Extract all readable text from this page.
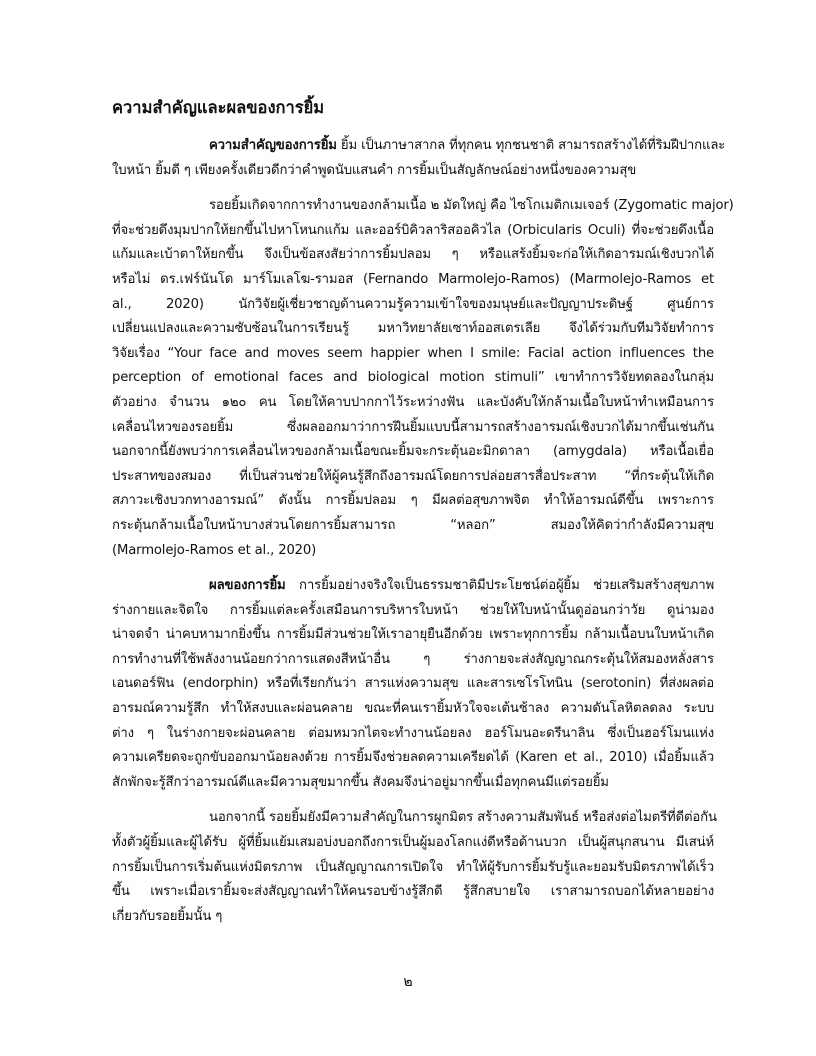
ความสำคัญและผลของการยิ้ม
ความสำคัญของการยิ้ม ยิ้ม เป็นภาษาสากล ที่ทุกคน ทุกชนชาติ สามารถสร้างได้ที่ริมฝีปากและ
ใบหน้า ยิ้มดี ๆ เพียงครั้งเดียวดีกว่าคำพูดนับแสนคำ การยิ้มเป็นสัญลักษณ์อย่างหนึ่งของความสุข
รอยยิ้มเกิดจากการทำงานของกล้ามเนื้อ ๒ มัดใหญ่ คือ ไซโกเมติกเมเจอร์ (Zygomatic major)
ที่จะช่วยดึงมุมปากให้ยกขึ้นไปหาโหนกแก้ม และออร์บิคิวลาริสออคิวไล (Orbicularis Oculi) ที่จะช่วยดึงเนื้อ
แก้มและเบ้าตาให้ยกขึ้น จึงเป็นข้อสงสัยว่าการยิ้มปลอม ๆ หรือแสร้งยิ้มจะก่อให้เกิดอารมณ์เชิงบวกได้
หรือไม่ ดร.เฟร์นันโด มาร์โมเลโฆ-รามอส (Fernando Marmolejo-Ramos) (Marmolejo-Ramos et
al., 2020) นักวิจัยผู้เชี่ยวชาญด้านความรู้ความเข้าใจของมนุษย์และปัญญาประดิษฐ์ ศูนย์การ
เปลี่ยนแปลงและความซับซ้อนในการเรียนรู้ มหาวิทยาลัยเซาท์ออสเตรเลีย จึงได้ร่วมกับทีมวิจัยทำการ
วิจัยเรื่อง “Your face and moves seem happier when I smile: Facial action influences the
perception of emotional faces and biological motion stimuli” เขาทำการวิจัยทดลองในกลุ่ม
ตัวอย่าง จำนวน ๑๒๐ คน โดยให้คาบปากกาไว้ระหว่างฟัน และบังคับให้กล้ามเนื้อใบหน้าทำเหมือนการ
เคลื่อนไหวของรอยยิ้ม ซึ่งผลออกมาว่าการฝึนยิ้มแบบนี้สามารถสร้างอารมณ์เชิงบวกได้มากขึ้นเช่นกัน
นอกจากนี้ยังพบว่าการเคลื่อนไหวของกล้ามเนื้อขณะยิ้มจะกระตุ้นอะมิกดาลา (amygdala) หรือเนื้อเยื่อ
ประสาทของสมอง ที่เป็นส่วนช่วยให้ผู้คนรู้สึกถึงอารมณ์โดยการปล่อยสารสื่อประสาท “ที่กระตุ้นให้เกิด
สภาวะเชิงบวกทางอารมณ์” ดังนั้น การยิ้มปลอม ๆ มีผลต่อสุขภาพจิต ทำให้อารมณ์ดีขึ้น เพราะการ
กระตุ้นกล้ามเนื้อใบหน้าบางส่วนโดยการยิ้มสามารถ “หลอก” สมองให้คิดว่ากำลังมีความสุข
(Marmolejo-Ramos et al., 2020)
ผลของการยิ้ม การยิ้มอย่างจริงใจเป็นธรรมชาติมีประโยชน์ต่อผู้ยิ้ม ช่วยเสริมสร้างสุขภาพ
ร่างกายและจิตใจ การยิ้มแต่ละครั้งเสมือนการบริหารใบหน้า ช่วยให้ใบหน้านั้นดูอ่อนกว่าวัย ดูน่ามอง
น่าจดจำ น่าคบหามากยิ่งขึ้น การยิ้มมีส่วนช่วยให้เราอายุยืนอีกด้วย เพราะทุกการยิ้ม กล้ามเนื้อบนใบหน้าเกิด
การทำงานที่ใช้พลังงานน้อยกว่าการแสดงสีหน้าอื่น ๆ ร่างกายจะส่งสัญญาณกระตุ้นให้สมองหลั่งสาร
เอนดอร์ฟิน (endorphin) หรือที่เรียกกันว่า สารแห่งความสุข และสารเซโรโทนิน (serotonin) ที่ส่งผลต่อ
อารมณ์ความรู้สึก ทำให้สงบและผ่อนคลาย ขณะที่คนเรายิ้มหัวใจจะเต้นช้าลง ความดันโลหิตลดลง ระบบ
ต่าง ๆ ในร่างกายจะผ่อนคลาย ต่อมหมวกไตจะทำงานน้อยลง ฮอร์โมนอะดรีนาลิน ซึ่งเป็นฮอร์โมนแห่ง
ความเครียดจะถูกขับออกมาน้อยลงด้วย การยิ้มจึงช่วยลดความเครียดได้ (Karen et al., 2010) เมื่อยิ้มแล้ว
สักพักจะรู้สึกว่าอารมณ์ดีและมีความสุขมากขึ้น สังคมจึงน่าอยู่มากขึ้นเมื่อทุกคนมีแต่รอยยิ้ม
นอกจากนี้ รอยยิ้มยังมีความสำคัญในการผูกมิตร สร้างความสัมพันธ์ หรือส่งต่อไมตรีที่ดีต่อกัน
ทั้งตัวผู้ยิ้มและผู้ได้รับ ผู้ที่ยิ้มแย้มเสมอบ่งบอกถึงการเป็นผู้มองโลกแง่ดีหรือด้านบวก เป็นผู้สนุกสนาน มีเสน่ห์
การยิ้มเป็นการเริ่มต้นแห่งมิตรภาพ เป็นสัญญาณการเปิดใจ ทำให้ผู้รับการยิ้มรับรู้และยอมรับมิตรภาพได้เร็ว
ขึ้น เพราะเมื่อเรายิ้มจะส่งสัญญาณทำให้คนรอบข้างรู้สึกดี รู้สึกสบายใจ เราสามารถบอกได้หลายอย่าง
เกี่ยวกับรอยยิ้มนั้น ๆ
๒
